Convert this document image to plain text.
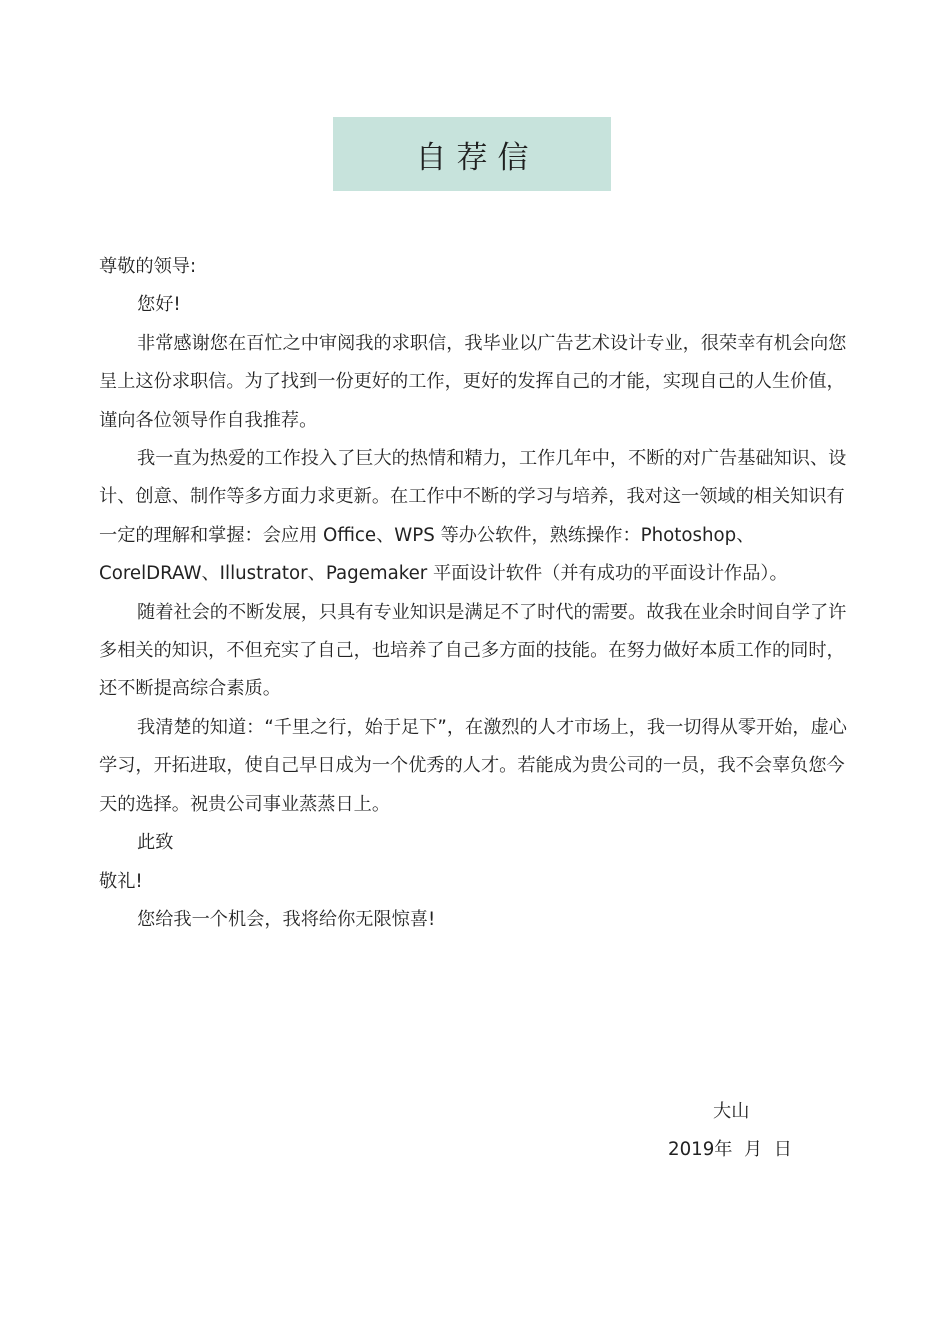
自荐信

尊敬的领导:

您好!

非常感谢您在百忙之中审阅我的求职信，我毕业以广告艺术设计专业，很荣幸有机会向您呈上这份求职信。为了找到一份更好的工作，更好的发挥自己的才能，实现自己的人生价值，谨向各位领导作自我推荐。

我一直为热爱的工作投入了巨大的热情和精力，工作几年中，不断的对广告基础知识、设计、创意、制作等多方面力求更新。在工作中不断的学习与培养，我对这一领域的相关知识有一定的理解和掌握：会应用 Office、WPS 等办公软件，熟练操作：Photoshop、CorelDRAW、Illustrator、Pagemaker 平面设计软件（并有成功的平面设计作品）。

随着社会的不断发展，只具有专业知识是满足不了时代的需要。故我在业余时间自学了许多相关的知识，不但充实了自己，也培养了自己多方面的技能。在努力做好本质工作的同时，还不断提高综合素质。

我清楚的知道：“千里之行，始于足下”，在激烈的人才市场上，我一切得从零开始，虚心学习，开拓进取，使自己早日成为一个优秀的人才。若能成为贵公司的一员，我不会辜负您今天的选择。祝贵公司事业蒸蒸日上。

此致

敬礼!

您给我一个机会，我将给你无限惊喜!

大山
2019年  月  日
